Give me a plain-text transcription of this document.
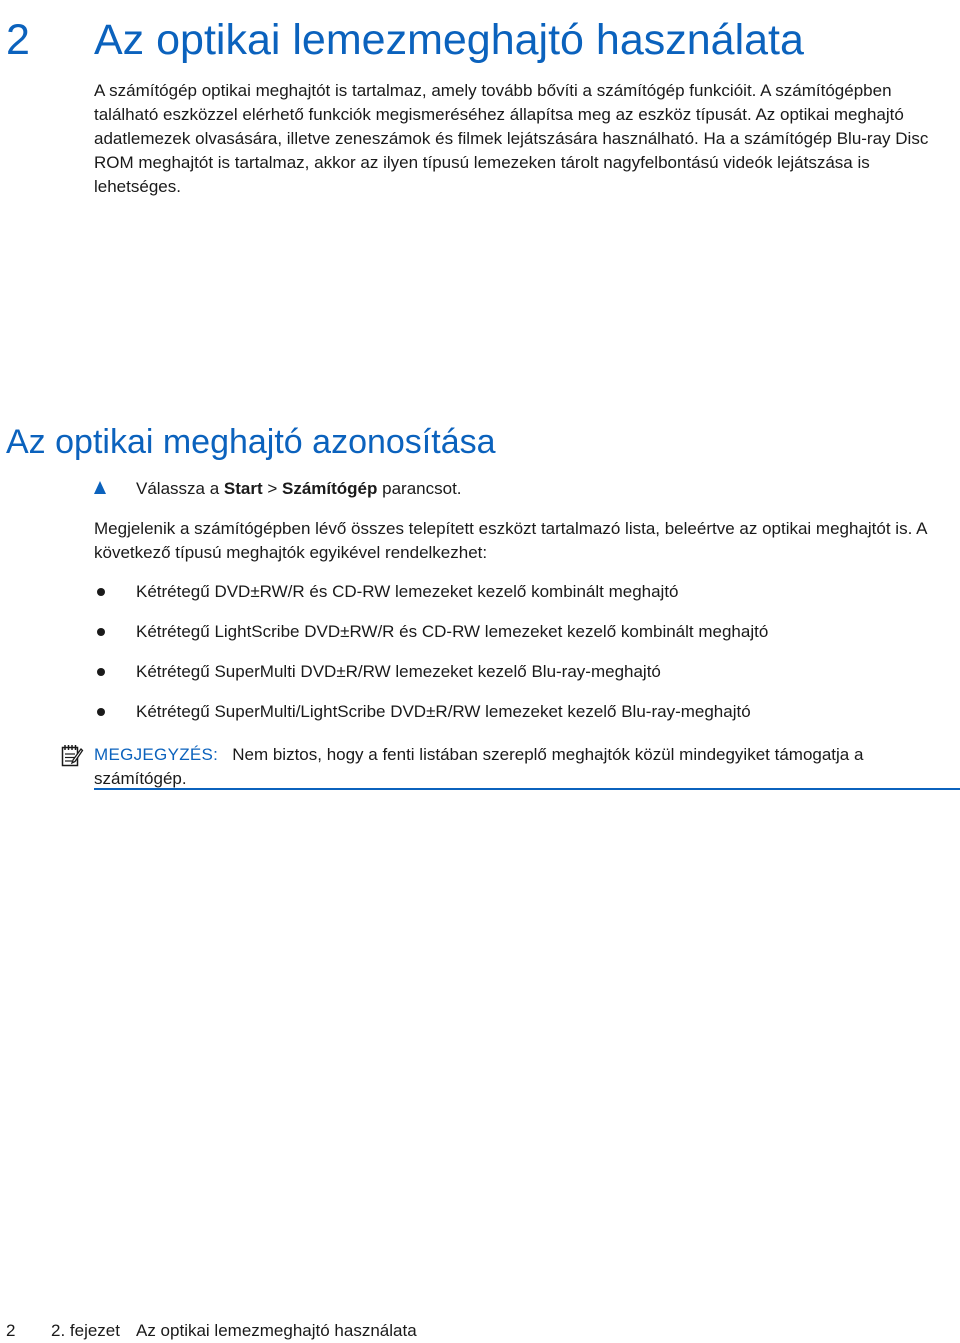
2 Az optikai lemezmeghajtó használata

A számítógép optikai meghajtót is tartalmaz, amely tovább bővíti a számítógép funkcióit. A számítógépben található eszközzel elérhető funkciók megismeréséhez állapítsa meg az eszköz típusát. Az optikai meghajtó adatlemezek olvasására, illetve zeneszámok és filmek lejátszására használható. Ha a számítógép Blu-ray Disc ROM meghajtót is tartalmaz, akkor az ilyen típusú lemezeken tárolt nagyfelbontású videók lejátszása is lehetséges.

Az optikai meghajtó azonosítása
Válassza a Start > Számítógép parancsot.

Megjelenik a számítógépben lévő összes telepített eszközt tartalmazó lista, beleértve az optikai meghajtót is. A következő típusú meghajtók egyikével rendelkezhet:

Kétrétegű DVD±RW/R és CD-RW lemezeket kezelő kombinált meghajtó
Kétrétegű LightScribe DVD±RW/R és CD-RW lemezeket kezelő kombinált meghajtó
Kétrétegű SuperMulti DVD±R/RW lemezeket kezelő Blu-ray-meghajtó
Kétrétegű SuperMulti/LightScribe DVD±R/RW lemezeket kezelő Blu-ray-meghajtó
MEGJEGYZÉS: Nem biztos, hogy a fenti listában szereplő meghajtók közül mindegyiket támogatja a számítógép.
2 2. fejezet Az optikai lemezmeghajtó használata
